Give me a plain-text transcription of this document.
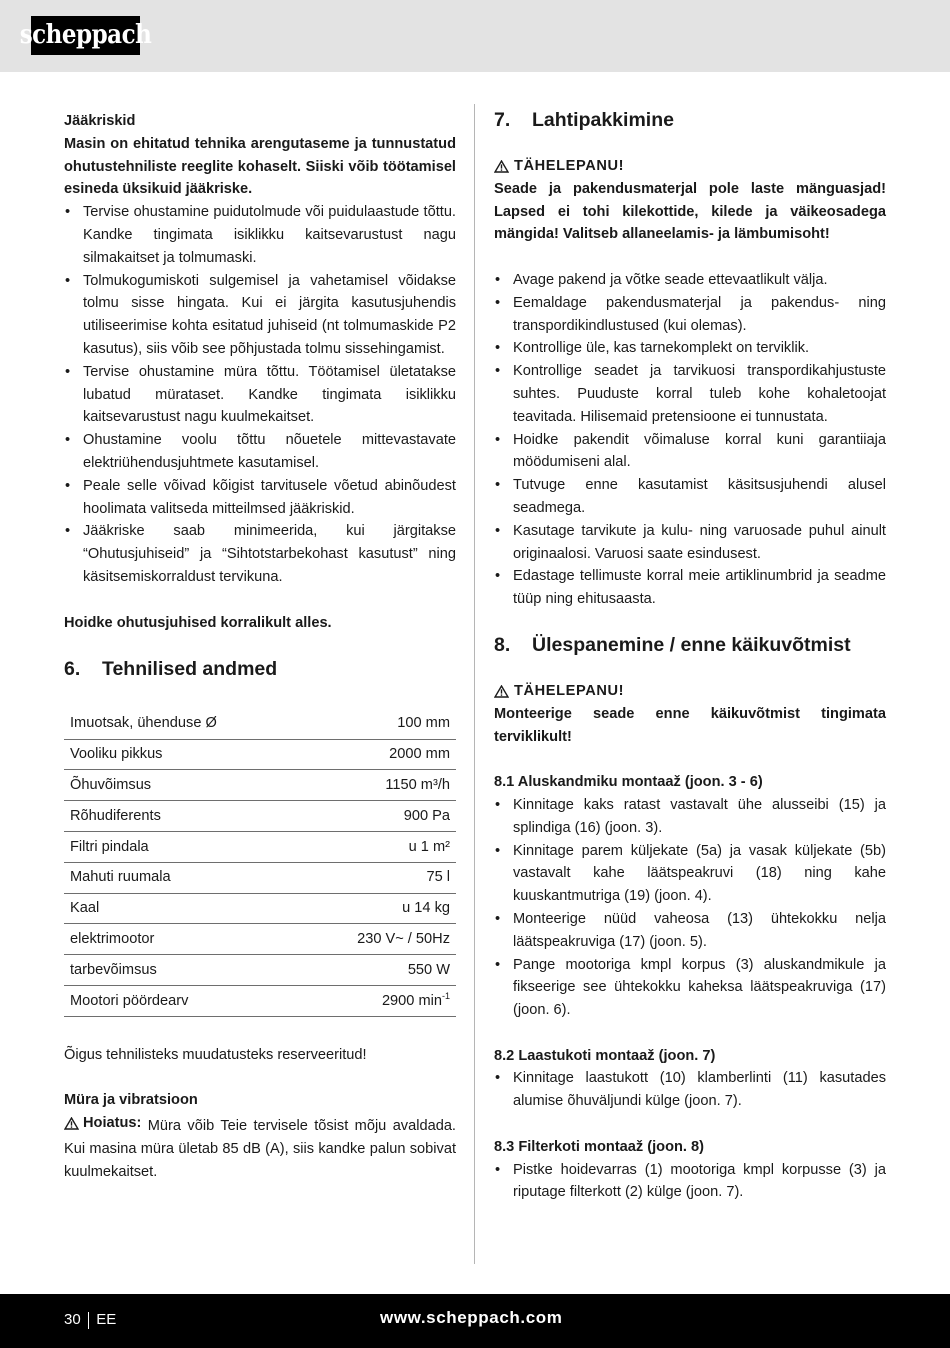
scheppach

Jääkriskid

Masin on ehitatud tehnika arengutaseme ja tunnustatud ohutustehniliste reeglite kohaselt. Siiski võib töötamisel esineda üksikuid jääkriske.

• Tervise ohustamine puidutolmude või puidulaastude tõttu. Kandke tingimata isiklikku kaitsevarustust nagu silmakaitset ja tolmumaski.
• Tolmukogumiskoti sulgemisel ja vahetamisel võidakse tolmu sisse hingata. Kui ei järgita kasutusjuhendis utiliseerimise kohta esitatud juhiseid (nt tolmumaskide P2 kasutus), siis võib see põhjustada tolmu sissehingamist.
• Tervise ohustamine müra tõttu. Töötamisel ületatakse lubatud mürataset. Kandke tingimata isiklikku kaitsevarustust nagu kuulmekaitset.
• Ohustamine voolu tõttu nõuetele mittevastavate elektriühendusjuhtmete kasutamisel.
• Peale selle võivad kõigist tarvitusele võetud abinõudest hoolimata valitseda mitteilmsed jääkriskid.
• Jääkriske saab minimeerida, kui järgitakse “Ohutusjuhiseid” ja “Sihtotstarbekohast kasutust” ning käsitsemiskorraldust tervikuna.

Hoidke ohutusjuhised korralikult alles.

6.	Tehnilised andmed
Imuotsak, ühenduse Ø	100 mm
Vooliku pikkus	2000 mm
Õhuvõimsus	1150 m³/h
Rõhudiferents	900 Pa
Filtri pindala	u 1 m²
Mahuti ruumala	75 l
Kaal	u 14 kg
elektrimootor	230 V~ / 50Hz
tarbevõimsus	550 W
Mootori pöördearv	2900 $\min^{-1}$

Õigus tehnilisteks muudatusteks reserveeritud!

Müra ja vibratsioon

Hoiatus: Müra võib Teie tervisele tõsist mõju avaldada. Kui masina müra ületab 85 dB (A), siis kandke palun sobivat kuulmekaitset.

7.	Lahtipakkimine
TÄHELEPANU!

Seade ja pakendusmaterjal pole laste mänguasjad! Lapsed ei tohi kilekottide, kilede ja väikeosadega mängida! Valitseb allaneelamis- ja lämbumisoht!

• Avage pakend ja võtke seade ettevaatlikult välja.
• Eemaldage pakendusmaterjal ja pakendus- ning transpordikindlustused (kui olemas).
• Kontrollige üle, kas tarnekomplekt on terviklik.
• Kontrollige seadet ja tarvikuosi transpordikahjustuste suhtes. Puuduste korral tuleb kohe kohaletoojat teavitada. Hilisemaid pretensioone ei tunnustata.
• Hoidke pakendit võimaluse korral kuni garantiiaja möödumiseni alal.
• Tutvuge enne kasutamist käsitsusjuhendi alusel seadmega.
• Kasutage tarvikute ja kulu- ning varuosade puhul ainult originaalosi. Varuosi saate esindusest.
• Edastage tellimuste korral meie artiklinumbrid ja seadme tüüp ning ehitusaasta.
8.	Ülespanemine / enne käikuvõtmist
TÄHELEPANU!

Monteerige seade enne käikuvõtmist tingimata terviklikult!

8.1 Aluskandmiku montaaž (joon. 3 - 6)

• Kinnitage kaks ratast vastavalt ühe alusseibi (15) ja splindiga (16) (joon. 3).
• Kinnitage parem küljekate (5a) ja vasak küljekate (5b) vastavalt kahe läätspeakruvi (18) ning kahe kuuskantmutriga (19) (joon. 4).
• Monteerige nüüd vaheosa (13) ühtekokku nelja läätspeakruviga (17) (joon. 5).
• Pange mootoriga kmpl korpus (3) aluskandmikule ja fikseerige see ühtekokku kaheksa läätspeakruviga (17) (joon. 6).

8.2 Laastukoti montaaž (joon. 7)

• Kinnitage laastukott (10) klamberlinti (11) kasutades alumise õhuväljundi külge (joon. 7).

8.3 Filterkoti montaaž (joon. 8)

• Pistke hoidevarras (1) mootoriga kmpl korpusse (3) ja riputage filterkott (2) külge (joon. 7).
30 EE	www.scheppach.com
